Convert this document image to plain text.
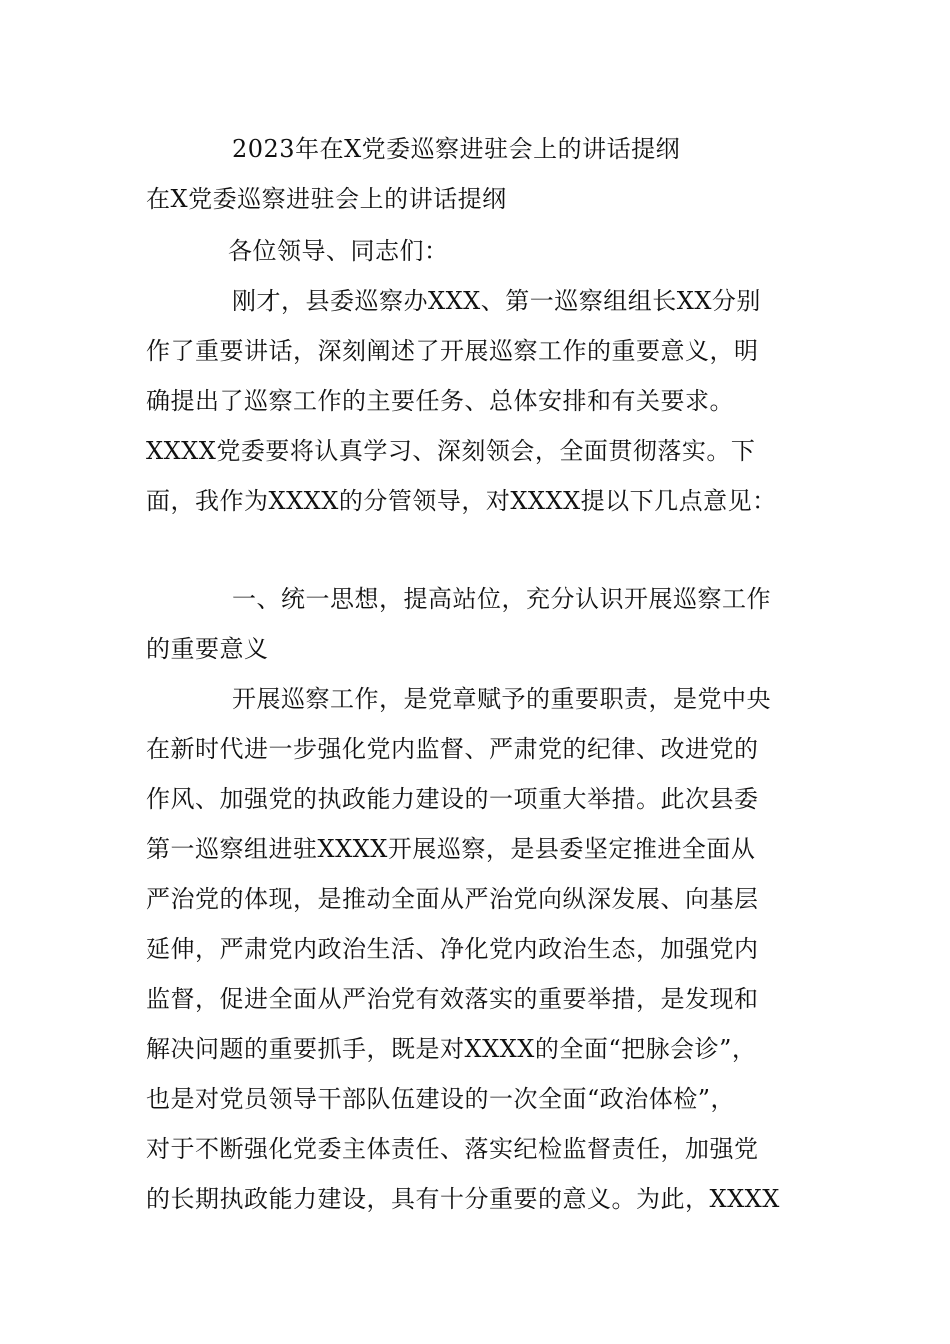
2023年在X党委巡察进驻会上的讲话提纲
在X党委巡察进驻会上的讲话提纲
各位领导、同志们：
刚才，县委巡察办XXX、第一巡察组组长XX分别
作了重要讲话，深刻阐述了开展巡察工作的重要意义，明
确提出了巡察工作的主要任务、总体安排和有关要求。
XXXX党委要将认真学习、深刻领会，全面贯彻落实。下
面，我作为XXXX的分管领导，对XXXX提以下几点意见：
一、统一思想，提高站位，充分认识开展巡察工作
的重要意义
开展巡察工作，是党章赋予的重要职责，是党中央
在新时代进一步强化党内监督、严肃党的纪律、改进党的
作风、加强党的执政能力建设的一项重大举措。此次县委
第一巡察组进驻XXXX开展巡察，是县委坚定推进全面从
严治党的体现，是推动全面从严治党向纵深发展、向基层
延伸，严肃党内政治生活、净化党内政治生态，加强党内
监督，促进全面从严治党有效落实的重要举措，是发现和
解决问题的重要抓手，既是对XXXX的全面“把脉会诊”，
也是对党员领导干部队伍建设的一次全面“政治体检”，
对于不断强化党委主体责任、落实纪检监督责任，加强党
的长期执政能力建设，具有十分重要的意义。为此，XXXX
